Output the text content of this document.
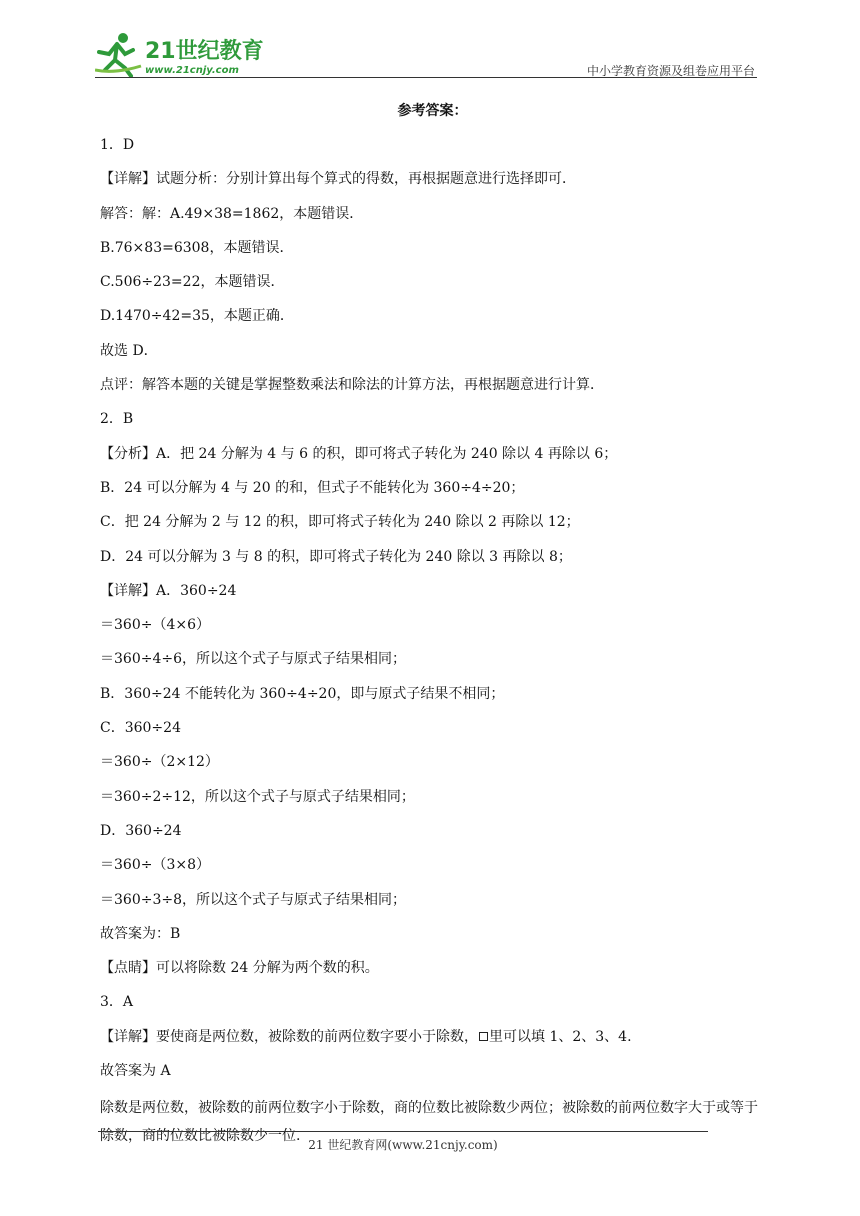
21世纪教育
www.21cnjy.com	中小学教育资源及组卷应用平台
参考答案：
1．D
【详解】试题分析：分别计算出每个算式的得数，再根据题意进行选择即可．
解答：解：A.49×38=1862，本题错误．
B.76×83=6308，本题错误．
C.506÷23=22，本题错误．
D.1470÷42=35，本题正确．
故选 D．
点评：解答本题的关键是掌握整数乘法和除法的计算方法，再根据题意进行计算．
2．B
【分析】A．把 24 分解为 4 与 6 的积，即可将式子转化为 240 除以 4 再除以 6；
B．24 可以分解为 4 与 20 的和，但式子不能转化为 360÷4÷20；
C．把 24 分解为 2 与 12 的积，即可将式子转化为 240 除以 2 再除以 12；
D．24 可以分解为 3 与 8 的积，即可将式子转化为 240 除以 3 再除以 8；
【详解】A．360÷24
＝360÷（4×6）
＝360÷4÷6，所以这个式子与原式子结果相同；
B．360÷24 不能转化为 360÷4÷20，即与原式子结果不相同；
C．360÷24
＝360÷（2×12）
＝360÷2÷12，所以这个式子与原式子结果相同；
D．360÷24
＝360÷（3×8）
＝360÷3÷8，所以这个式子与原式子结果相同；
故答案为：B
【点睛】可以将除数 24 分解为两个数的积。
3．A
【详解】要使商是两位数，被除数的前两位数字要小于除数， 里可以填 1、2、3、4.
故答案为 A
除数是两位数，被除数的前两位数字小于除数，商的位数比被除数少两位；被除数的前两位数字大于或等于除数，商的位数比被除数少一位.
21 世纪教育网(www.21cnjy.com)
